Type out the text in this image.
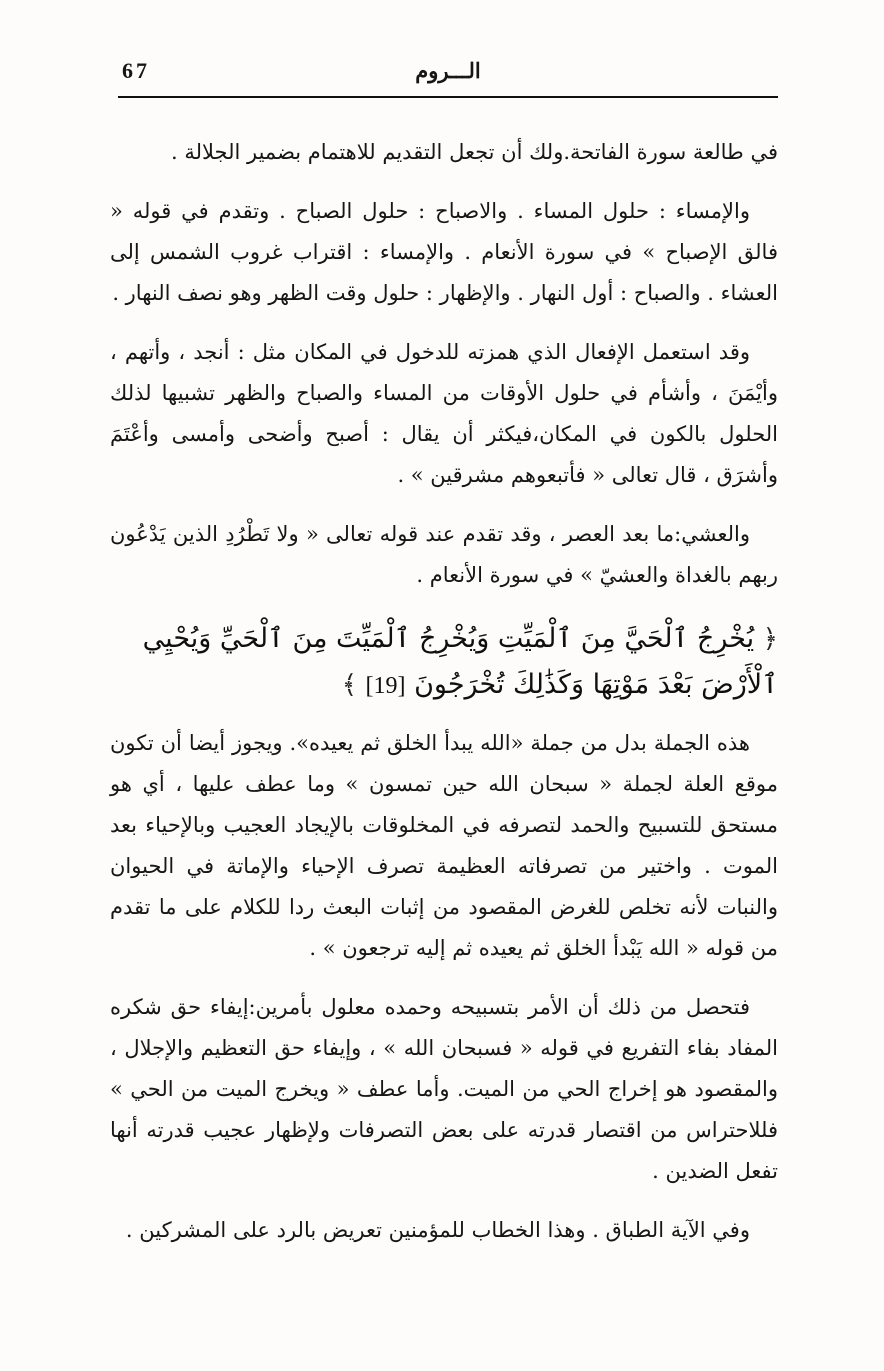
67	الـــروم

في طالعة سورة الفاتحة.ولك أن تجعل التقديم للاهتمام بضمير الجلالة .

والإمساء : حلول المساء . والاصباح : حلول الصباح . وتقدم في قوله « فالق الإصباح » في سورة الأنعام . والإمساء : اقتراب غروب الشمس إلى العشاء . والصباح : أول النهار . والإظهار : حلول وقت الظهر وهو نصف النهار .

وقد استعمل الإفعال الذي همزته للدخول في المكان مثل : أنجد ، وأتهم ، وأيْمَنَ ، وأشأم في حلول الأوقات من المساء والصباح والظهر تشبيها لذلك الحلول بالكون في المكان،فيكثر أن يقال : أصبح وأضحى وأمسى وأعْتَمَ وأشرَق ، قال تعالى « فأتبعوهم مشرقين » .

والعشي:ما بعد العصر ، وقد تقدم عند قوله تعالى « ولا تَطْرُدِ الذين يَدْعُون ربهم بالغداة والعشيّ » في سورة الأنعام .

﴿ يُخْرِجُ ٱلْحَيَّ مِنَ ٱلْمَيِّتِ وَيُخْرِجُ ٱلْمَيِّتَ مِنَ ٱلْحَيِّ وَيُحْيِي ٱلْأَرْضَ بَعْدَ مَوْتِهَا وَكَذَٰلِكَ تُخْرَجُونَ [19] ﴾

هذه الجملة بدل من جملة «الله يبدأ الخلق ثم يعيده». ويجوز أيضا أن تكون موقع العلة لجملة « سبحان الله حين تمسون » وما عطف عليها ، أي هو مستحق للتسبيح والحمد لتصرفه في المخلوقات بالإيجاد العجيب وبالإحياء بعد الموت . واختير من تصرفاته العظيمة تصرف الإحياء والإماتة في الحيوان والنبات لأنه تخلص للغرض المقصود من إثبات البعث ردا للكلام على ما تقدم من قوله « الله يَبْدأ الخلق ثم يعيده ثم إليه ترجعون » .

فتحصل من ذلك أن الأمر بتسبيحه وحمده معلول بأمرين:إيفاء حق شكره المفاد بفاء التفريع في قوله « فسبحان الله » ، وإيفاء حق التعظيم والإجلال ، والمقصود هو إخراج الحي من الميت. وأما عطف « ويخرج الميت من الحي » فللاحتراس من اقتصار قدرته على بعض التصرفات ولإظهار عجيب قدرته أنها تفعل الضدين .

وفي الآية الطباق . وهذا الخطاب للمؤمنين تعريض بالرد على المشركين .
